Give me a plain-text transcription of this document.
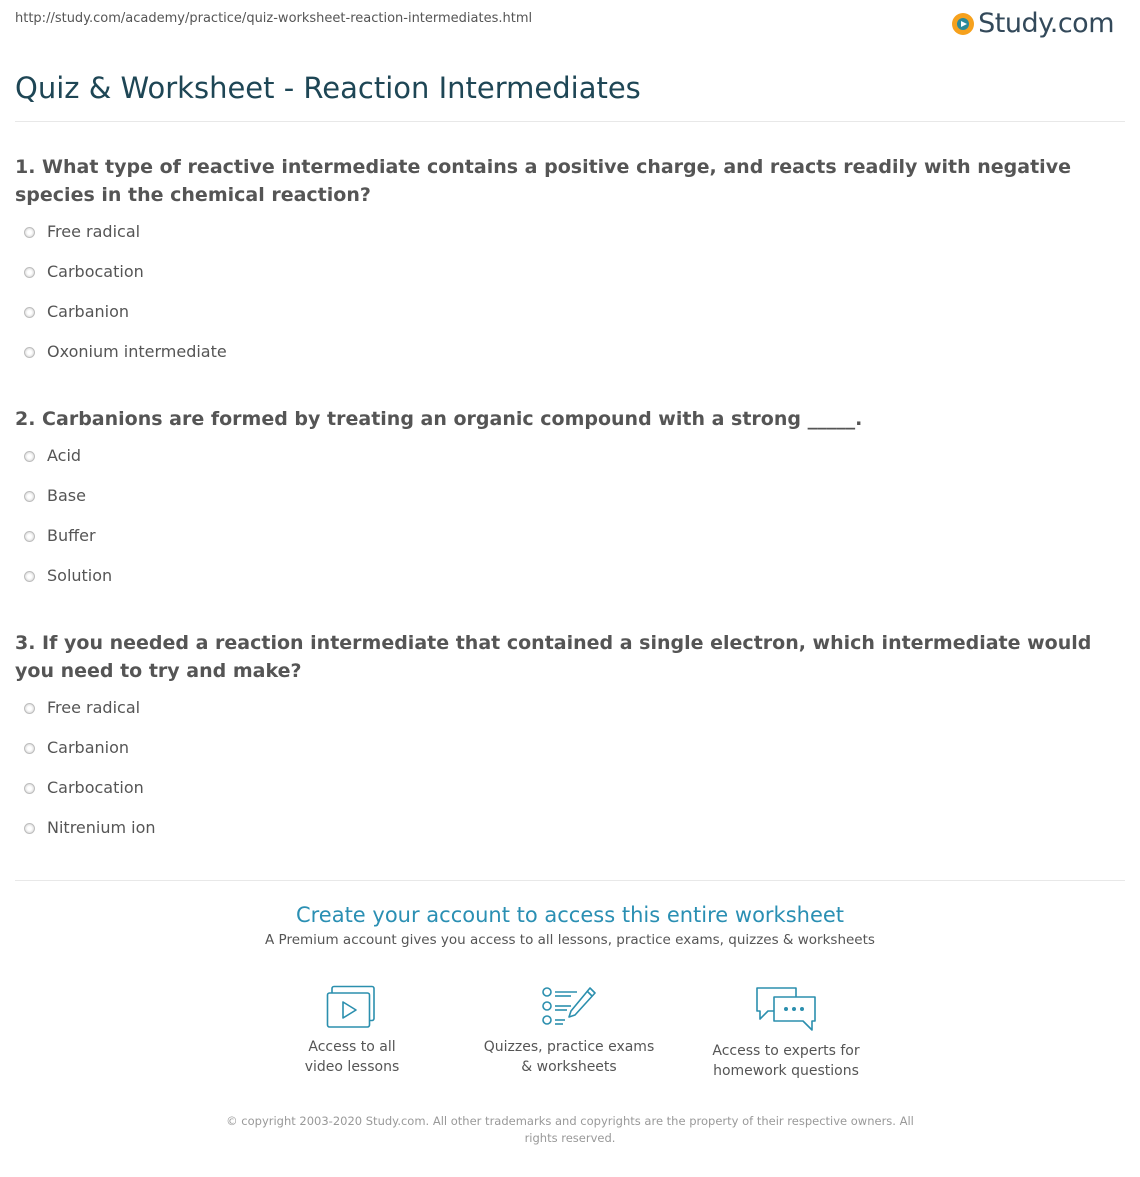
http://study.com/academy/practice/quiz-worksheet-reaction-intermediates.html	Study.com
Quiz & Worksheet - Reaction Intermediates
1. What type of reactive intermediate contains a positive charge, and reacts readily with negative species in the chemical reaction?
Free radical
Carbocation
Carbanion
Oxonium intermediate
2. Carbanions are formed by treating an organic compound with a strong _____.
Acid
Base
Buffer
Solution
3. If you needed a reaction intermediate that contained a single electron, which intermediate would you need to try and make?
Free radical
Carbanion
Carbocation
Nitrenium ion
Create your account to access this entire worksheet
A Premium account gives you access to all lessons, practice exams, quizzes & worksheets
Access to all
video lessons
Quizzes, practice exams
& worksheets
Access to experts for
homework questions
© copyright 2003-2020 Study.com. All other trademarks and copyrights are the property of their respective owners. All rights reserved.
